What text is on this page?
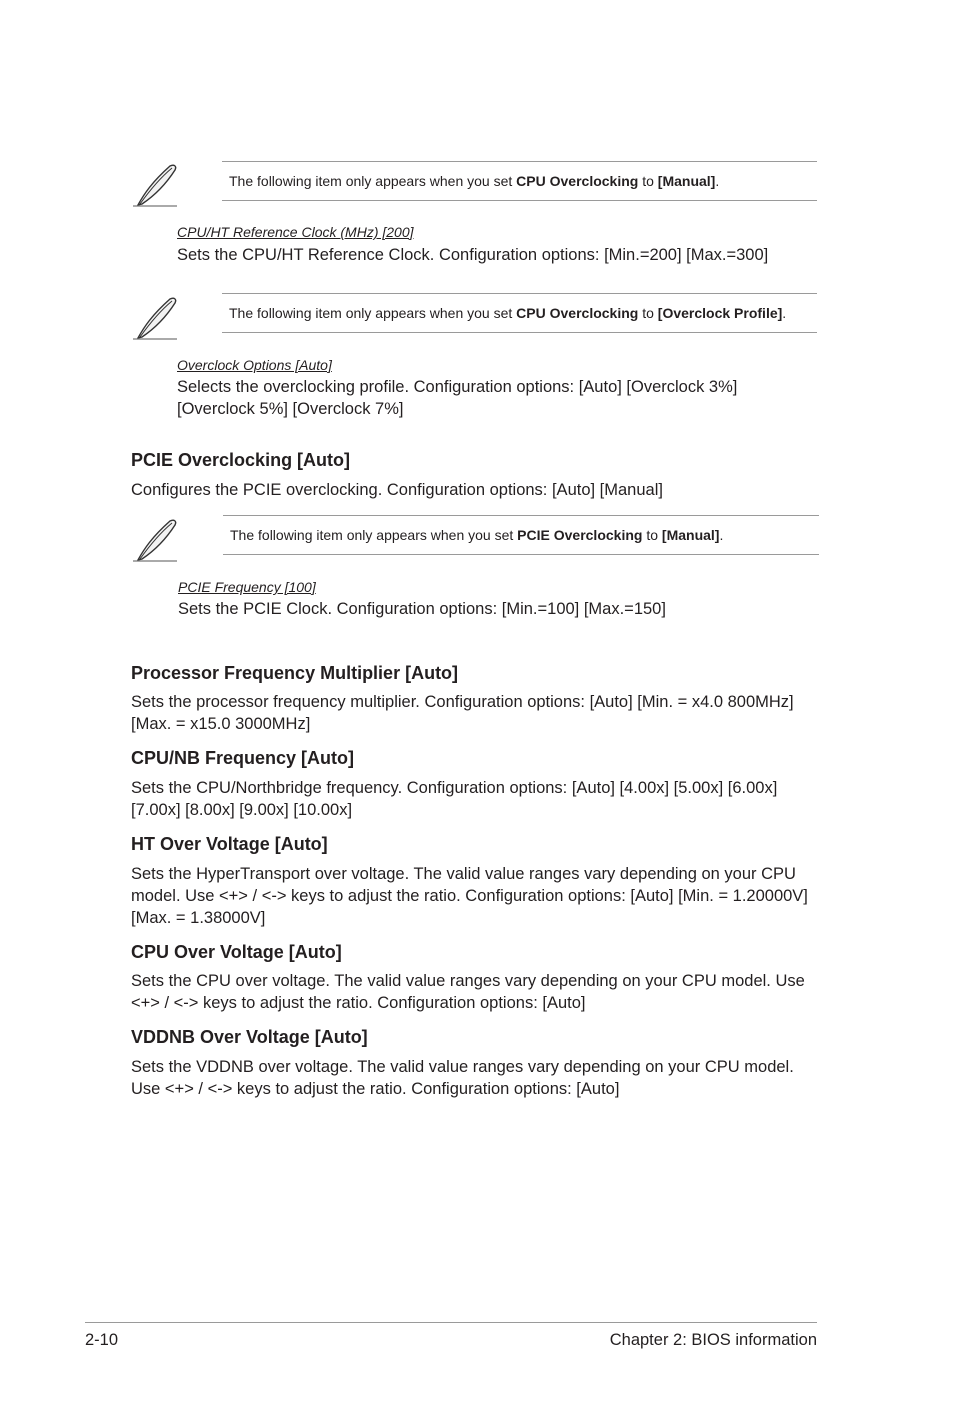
The following item only appears when you set CPU Overclocking to [Manual].
CPU/HT Reference Clock (MHz) [200]
Sets the CPU/HT Reference Clock. Configuration options: [Min.=200] [Max.=300]
The following item only appears when you set CPU Overclocking to [Overclock Profile].
Overclock Options [Auto]
Selects the overclocking profile. Configuration options: [Auto] [Overclock 3%]
[Overclock 5%] [Overclock 7%]
PCIE Overclocking [Auto]
Configures the PCIE overclocking. Configuration options: [Auto] [Manual]
The following item only appears when you set PCIE Overclocking to [Manual].
PCIE Frequency [100]
Sets the PCIE Clock. Configuration options: [Min.=100] [Max.=150]
Processor Frequency Multiplier [Auto]
Sets the processor frequency multiplier. Configuration options: [Auto] [Min. = x4.0 800MHz]
[Max. = x15.0 3000MHz]
CPU/NB Frequency [Auto]
Sets the CPU/Northbridge frequency. Configuration options: [Auto] [4.00x] [5.00x] [6.00x]
[7.00x] [8.00x] [9.00x] [10.00x]
HT Over Voltage [Auto]
Sets the HyperTransport over voltage. The valid value ranges vary depending on your CPU
model. Use <+> / <-> keys to adjust the ratio. Configuration options: [Auto] [Min. = 1.20000V]
[Max. = 1.38000V]
CPU Over Voltage [Auto]
Sets the CPU over voltage. The valid value ranges vary depending on your CPU model. Use
<+> / <-> keys to adjust the ratio. Configuration options: [Auto]
VDDNB Over Voltage [Auto]
Sets the VDDNB over voltage. The valid value ranges vary depending on your CPU model.
Use <+> / <-> keys to adjust the ratio. Configuration options: [Auto]
2-10	Chapter 2: BIOS information
